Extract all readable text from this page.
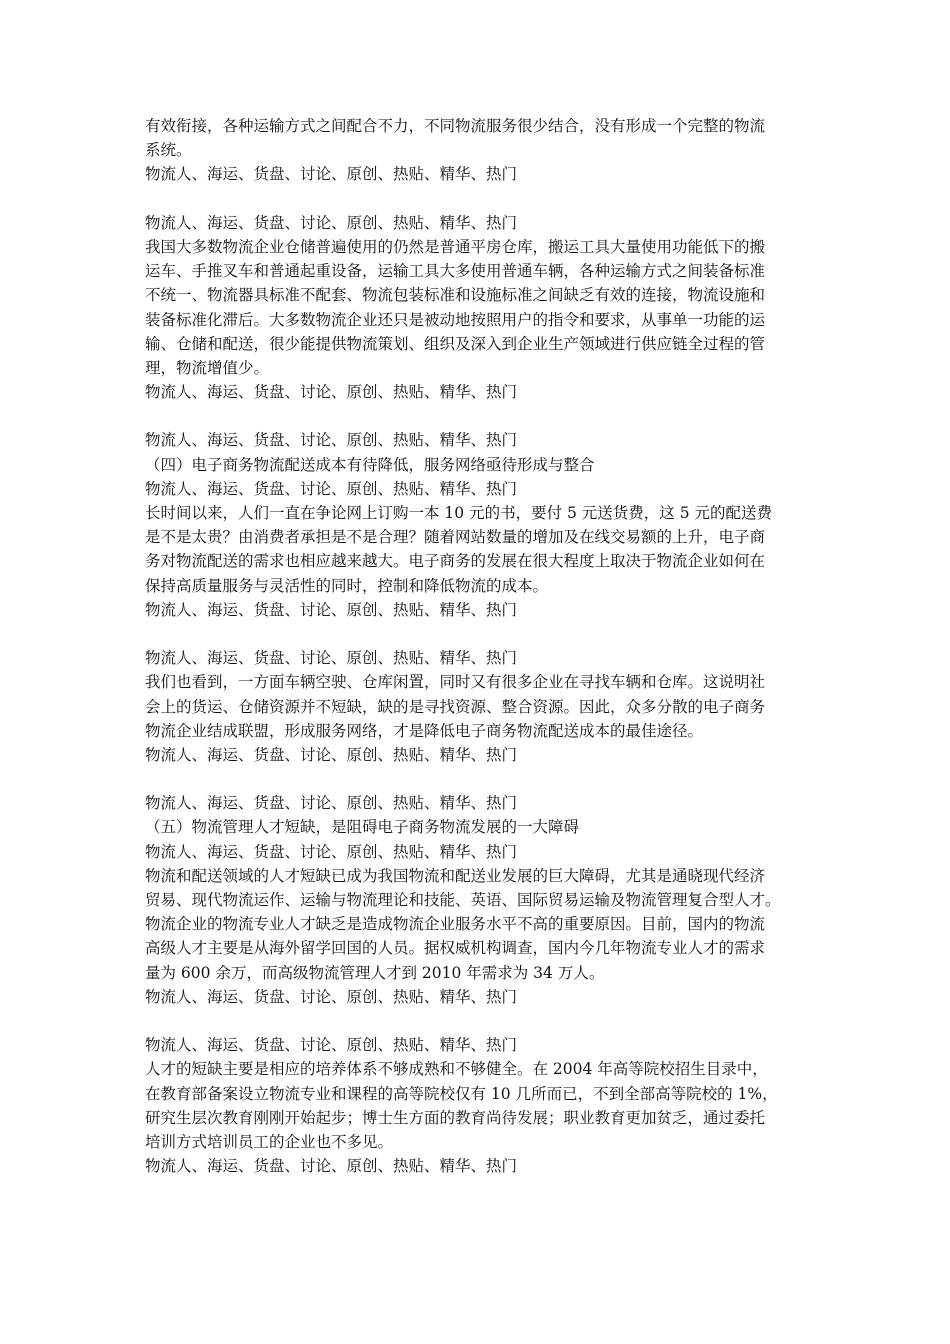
有效衔接，各种运输方式之间配合不力，不同物流服务很少结合，没有形成一个完整的物流
系统。
物流人、海运、货盘、讨论、原创、热贴、精华、热门
物流人、海运、货盘、讨论、原创、热贴、精华、热门
我国大多数物流企业仓储普遍使用的仍然是普通平房仓库，搬运工具大量使用功能低下的搬
运车、手推叉车和普通起重设备，运输工具大多使用普通车辆，各种运输方式之间装备标准
不统一、物流器具标准不配套、物流包装标准和设施标准之间缺乏有效的连接，物流设施和
装备标准化滞后。大多数物流企业还只是被动地按照用户的指令和要求，从事单一功能的运
输、仓储和配送，很少能提供物流策划、组织及深入到企业生产领域进行供应链全过程的管
理，物流增值少。
物流人、海运、货盘、讨论、原创、热贴、精华、热门
物流人、海运、货盘、讨论、原创、热贴、精华、热门
（四）电子商务物流配送成本有待降低，服务网络亟待形成与整合
物流人、海运、货盘、讨论、原创、热贴、精华、热门
长时间以来，人们一直在争论网上订购一本 10 元的书，要付 5 元送货费，这 5 元的配送费
是不是太贵？由消费者承担是不是合理？随着网站数量的增加及在线交易额的上升，电子商
务对物流配送的需求也相应越来越大。电子商务的发展在很大程度上取决于物流企业如何在
保持高质量服务与灵活性的同时，控制和降低物流的成本。
物流人、海运、货盘、讨论、原创、热贴、精华、热门
物流人、海运、货盘、讨论、原创、热贴、精华、热门
我们也看到，一方面车辆空驶、仓库闲置，同时又有很多企业在寻找车辆和仓库。这说明社
会上的货运、仓储资源并不短缺，缺的是寻找资源、整合资源。因此，众多分散的电子商务
物流企业结成联盟，形成服务网络，才是降低电子商务物流配送成本的最佳途径。
物流人、海运、货盘、讨论、原创、热贴、精华、热门
物流人、海运、货盘、讨论、原创、热贴、精华、热门
（五）物流管理人才短缺，是阻碍电子商务物流发展的一大障碍
物流人、海运、货盘、讨论、原创、热贴、精华、热门
物流和配送领域的人才短缺已成为我国物流和配送业发展的巨大障碍，尤其是通晓现代经济
贸易、现代物流运作、运输与物流理论和技能、英语、国际贸易运输及物流管理复合型人才。
物流企业的物流专业人才缺乏是造成物流企业服务水平不高的重要原因。目前，国内的物流
高级人才主要是从海外留学回国的人员。据权威机构调查，国内今几年物流专业人才的需求
量为 600 余万，而高级物流管理人才到 2010 年需求为 34 万人。
物流人、海运、货盘、讨论、原创、热贴、精华、热门
物流人、海运、货盘、讨论、原创、热贴、精华、热门
人才的短缺主要是相应的培养体系不够成熟和不够健全。在 2004 年高等院校招生目录中，
在教育部备案设立物流专业和课程的高等院校仅有 10 几所而已，不到全部高等院校的 1%，
研究生层次教育刚刚开始起步；博士生方面的教育尚待发展；职业教育更加贫乏，通过委托
培训方式培训员工的企业也不多见。
物流人、海运、货盘、讨论、原创、热贴、精华、热门
